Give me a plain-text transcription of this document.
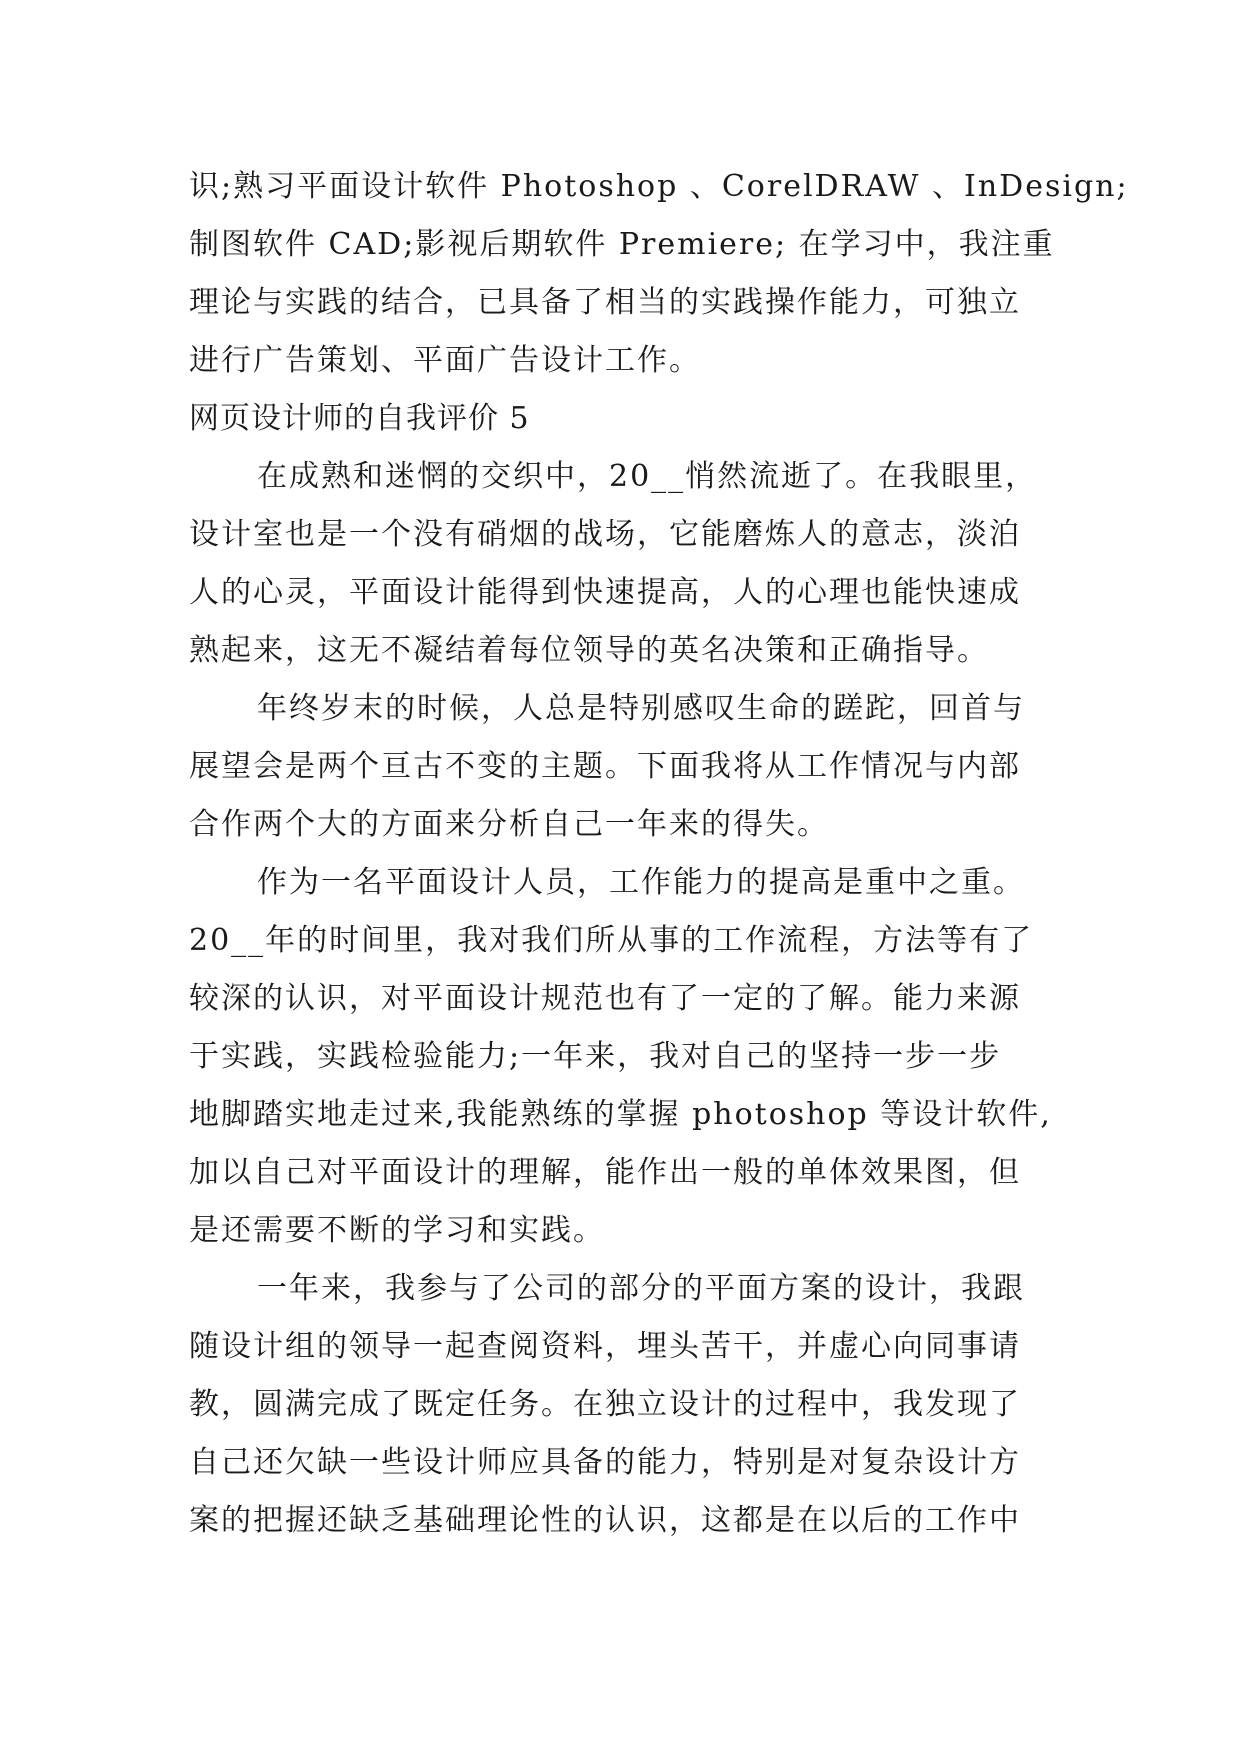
识;熟习平面设计软件 Photoshop 、CorelDRAW 、InDesign;
制图软件 CAD;影视后期软件 Premiere; 在学习中，我注重
理论与实践的结合，已具备了相当的实践操作能力，可独立
进行广告策划、平面广告设计工作。
网页设计师的自我评价 5
在成熟和迷惘的交织中，20__悄然流逝了。在我眼里，
设计室也是一个没有硝烟的战场，它能磨炼人的意志，淡泊
人的心灵，平面设计能得到快速提高，人的心理也能快速成
熟起来，这无不凝结着每位领导的英名决策和正确指导。
年终岁末的时候，人总是特别感叹生命的蹉跎，回首与
展望会是两个亘古不变的主题。下面我将从工作情况与内部
合作两个大的方面来分析自己一年来的得失。
作为一名平面设计人员，工作能力的提高是重中之重。
20__年的时间里，我对我们所从事的工作流程，方法等有了
较深的认识，对平面设计规范也有了一定的了解。能力来源
于实践，实践检验能力;一年来，我对自己的坚持一步一步
地脚踏实地走过来,我能熟练的掌握 photoshop 等设计软件,
加以自己对平面设计的理解，能作出一般的单体效果图，但
是还需要不断的学习和实践。
一年来，我参与了公司的部分的平面方案的设计，我跟
随设计组的领导一起查阅资料，埋头苦干，并虚心向同事请
教，圆满完成了既定任务。在独立设计的过程中，我发现了
自己还欠缺一些设计师应具备的能力，特别是对复杂设计方
案的把握还缺乏基础理论性的认识，这都是在以后的工作中
